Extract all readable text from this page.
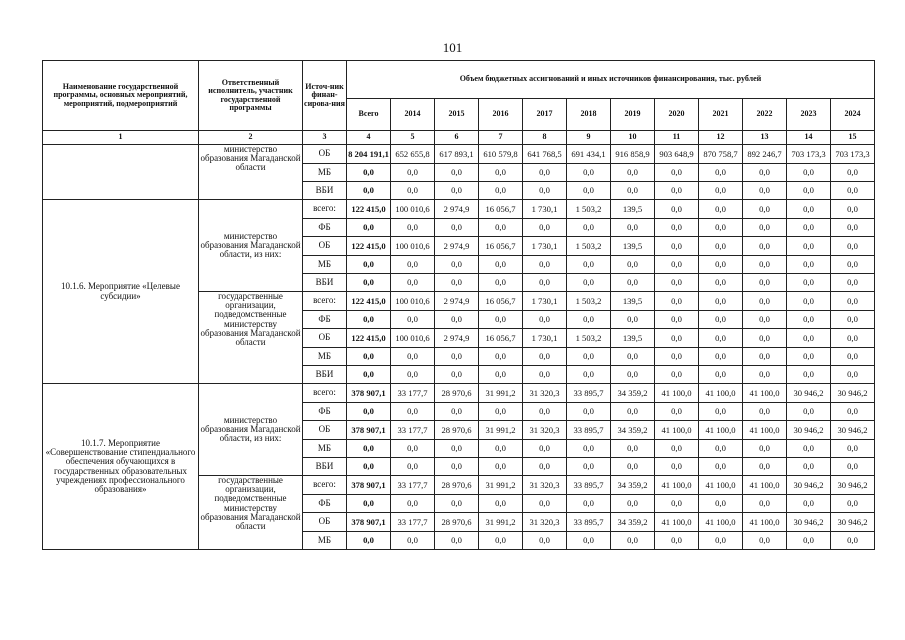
101
Наименование государственной программы, основных мероприятий, мероприятий, подмероприятий	Ответственный исполнитель, участник государственной программы	Источ-ник финан-сирова-ния	Объем бюджетных ассигнований и иных источников финансирования, тыс. рублей											
			Всего	2014	2015	2016	2017	2018	2019	2020	2021	2022	2023	2024
1	2	3	4	5	6	7	8	9	10	11	12	13	14	15
	министерство образования Магаданской области	ОБ	8 204 191,1	652 655,8	617 893,1	610 579,8	641 768,5	691 434,1	916 858,9	903 648,9	870 758,7	892 246,7	703 173,3	703 173,3
		МБ	0,0	0,0	0,0	0,0	0,0	0,0	0,0	0,0	0,0	0,0	0,0	0,0
		ВБИ	0,0	0,0	0,0	0,0	0,0	0,0	0,0	0,0	0,0	0,0	0,0	0,0
10.1.6. Мероприятие «Целевые субсидии»	министерство образования Магаданской области, из них:	всего:	122 415,0	100 010,6	2 974,9	16 056,7	1 730,1	1 503,2	139,5	0,0	0,0	0,0	0,0	0,0
		ФБ	0,0	0,0	0,0	0,0	0,0	0,0	0,0	0,0	0,0	0,0	0,0	0,0
		ОБ	122 415,0	100 010,6	2 974,9	16 056,7	1 730,1	1 503,2	139,5	0,0	0,0	0,0	0,0	0,0
		МБ	0,0	0,0	0,0	0,0	0,0	0,0	0,0	0,0	0,0	0,0	0,0	0,0
		ВБИ	0,0	0,0	0,0	0,0	0,0	0,0	0,0	0,0	0,0	0,0	0,0	0,0
	государственные организации, подведомственные министерству образования Магаданской области	всего:	122 415,0	100 010,6	2 974,9	16 056,7	1 730,1	1 503,2	139,5	0,0	0,0	0,0	0,0	0,0
		ФБ	0,0	0,0	0,0	0,0	0,0	0,0	0,0	0,0	0,0	0,0	0,0	0,0
		ОБ	122 415,0	100 010,6	2 974,9	16 056,7	1 730,1	1 503,2	139,5	0,0	0,0	0,0	0,0	0,0
		МБ	0,0	0,0	0,0	0,0	0,0	0,0	0,0	0,0	0,0	0,0	0,0	0,0
		ВБИ	0,0	0,0	0,0	0,0	0,0	0,0	0,0	0,0	0,0	0,0	0,0	0,0
10.1.7. Мероприятие «Совершенствование стипендиального обеспечения обучающихся в государственных образовательных учреждениях профессионального образования»	министерство образования Магаданской области, из них:	всего:	378 907,1	33 177,7	28 970,6	31 991,2	31 320,3	33 895,7	34 359,2	41 100,0	41 100,0	41 100,0	30 946,2	30 946,2
		ФБ	0,0	0,0	0,0	0,0	0,0	0,0	0,0	0,0	0,0	0,0	0,0	0,0
		ОБ	378 907,1	33 177,7	28 970,6	31 991,2	31 320,3	33 895,7	34 359,2	41 100,0	41 100,0	41 100,0	30 946,2	30 946,2
		МБ	0,0	0,0	0,0	0,0	0,0	0,0	0,0	0,0	0,0	0,0	0,0	0,0
		ВБИ	0,0	0,0	0,0	0,0	0,0	0,0	0,0	0,0	0,0	0,0	0,0	0,0
	государственные организации, подведомственные министерству образования Магаданской области	всего:	378 907,1	33 177,7	28 970,6	31 991,2	31 320,3	33 895,7	34 359,2	41 100,0	41 100,0	41 100,0	30 946,2	30 946,2
		ФБ	0,0	0,0	0,0	0,0	0,0	0,0	0,0	0,0	0,0	0,0	0,0	0,0
		ОБ	378 907,1	33 177,7	28 970,6	31 991,2	31 320,3	33 895,7	34 359,2	41 100,0	41 100,0	41 100,0	30 946,2	30 946,2
		МБ	0,0	0,0	0,0	0,0	0,0	0,0	0,0	0,0	0,0	0,0	0,0	0,0
